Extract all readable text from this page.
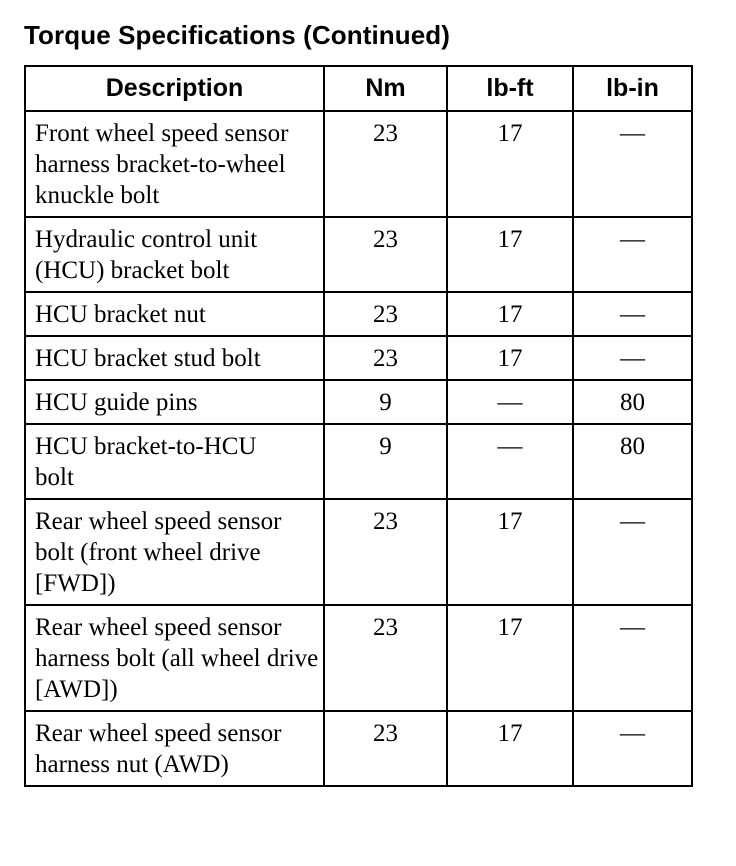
Torque Specifications (Continued)
Description	Nm	lb-ft	lb-in
Front wheel speed sensor harness bracket-to-wheel knuckle bolt	23	17	—
Hydraulic control unit (HCU) bracket bolt	23	17	—
HCU bracket nut	23	17	—
HCU bracket stud bolt	23	17	—
HCU guide pins	9	—	80
HCU bracket-to-HCU bolt	9	—	80
Rear wheel speed sensor bolt (front wheel drive [FWD])	23	17	—
Rear wheel speed sensor harness bolt (all wheel drive [AWD])	23	17	—
Rear wheel speed sensor harness nut (AWD)	23	17	—
